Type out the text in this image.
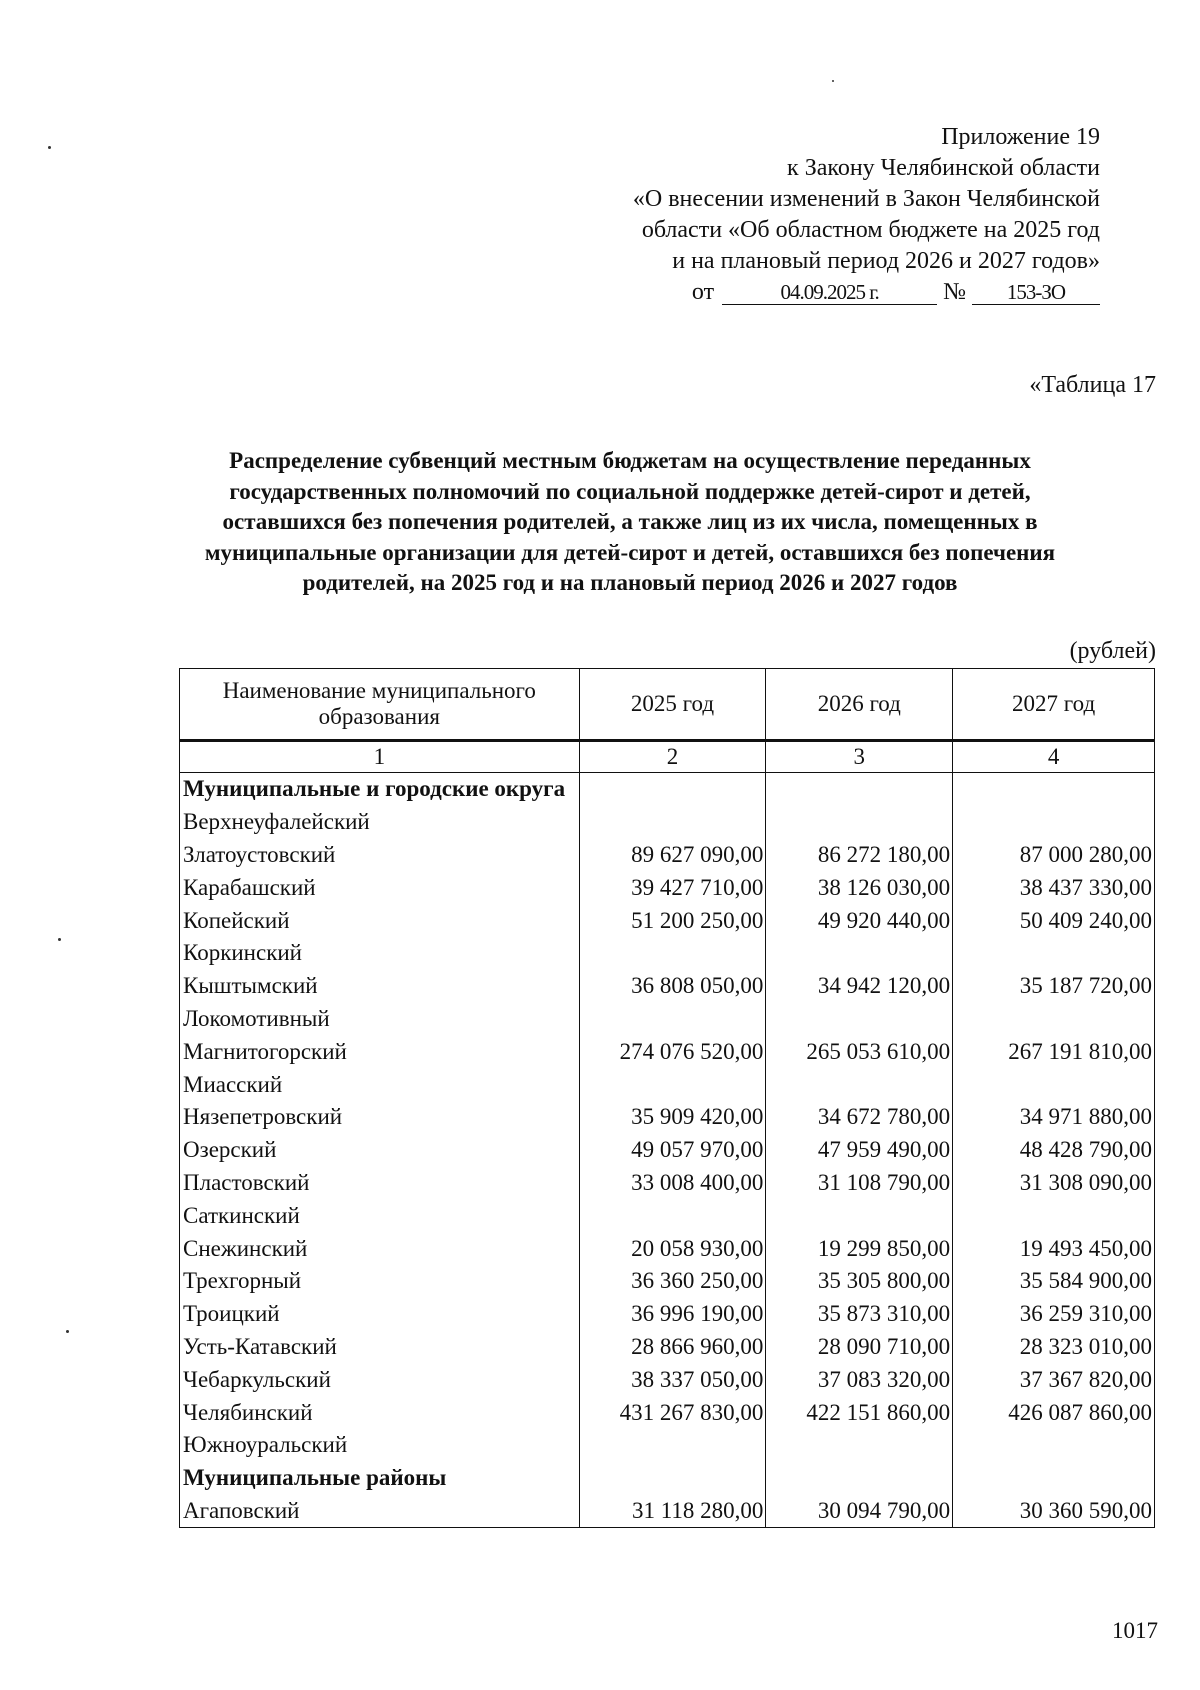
Приложение 19
к Закону Челябинской области
«О внесении изменений в Закон Челябинской
области «Об областном бюджете на 2025 год
и на плановый период 2026 и 2027 годов»
от	04.09.2025 г.	№ 153-ЗО
«Таблица 17
Распределение субвенций местным бюджетам на осуществление переданных
государственных полномочий по социальной поддержке детей-сирот и детей,
оставшихся без попечения родителей, а также лиц из их числа, помещенных в
муниципальные организации для детей-сирот и детей, оставшихся без попечения
родителей, на 2025 год и на плановый период 2026 и 2027 годов
(рублей)
Наименование муниципального образования	2025 год	2026 год	2027 год
1	2	3	4
Муниципальные и городские округа			
Верхнеуфалейский			
Златоустовский	89 627 090,00	86 272 180,00	87 000 280,00
Карабашский	39 427 710,00	38 126 030,00	38 437 330,00
Копейский	51 200 250,00	49 920 440,00	50 409 240,00
Коркинский			
Кыштымский	36 808 050,00	34 942 120,00	35 187 720,00
Локомотивный			
Магнитогорский	274 076 520,00	265 053 610,00	267 191 810,00
Миасский			
Нязепетровский	35 909 420,00	34 672 780,00	34 971 880,00
Озерский	49 057 970,00	47 959 490,00	48 428 790,00
Пластовский	33 008 400,00	31 108 790,00	31 308 090,00
Саткинский			
Снежинский	20 058 930,00	19 299 850,00	19 493 450,00
Трехгорный	36 360 250,00	35 305 800,00	35 584 900,00
Троицкий	36 996 190,00	35 873 310,00	36 259 310,00
Усть-Катавский	28 866 960,00	28 090 710,00	28 323 010,00
Чебаркульский	38 337 050,00	37 083 320,00	37 367 820,00
Челябинский	431 267 830,00	422 151 860,00	426 087 860,00
Южноуральский			
Муниципальные районы			
Агаповский	31 118 280,00	30 094 790,00	30 360 590,00
1017
